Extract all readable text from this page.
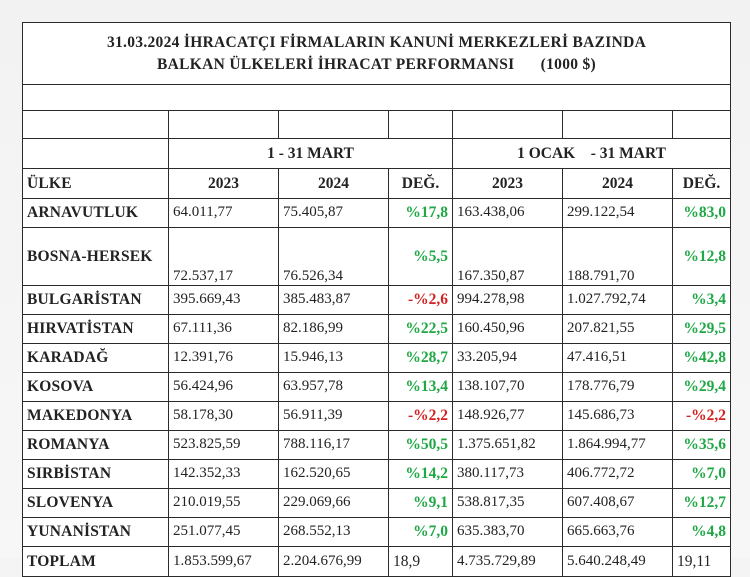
31.03.2024 İHRACATÇI FİRMALARIN KANUNİ MERKEZLERİ BAZINDA
BALKAN ÜLKELERİ İHRACAT PERFORMANSI (1000 $)						

	1 - 31 MART			1 OCAK    - 31 MART		
ÜLKE	2023	2024	DEĞ.	2023	2024	DEĞ.
ARNAVUTLUK	64.011,77	75.405,87	%17,8	163.438,06	299.122,54	%83,0
BOSNA-HERSEK	72.537,17	76.526,34	%5,5	167.350,87	188.791,70	%12,8
BULGARİSTAN	395.669,43	385.483,87	-%2,6	994.278,98	1.027.792,74	%3,4
HIRVATİSTAN	67.111,36	82.186,99	%22,5	160.450,96	207.821,55	%29,5
KARADAĞ	12.391,76	15.946,13	%28,7	33.205,94	47.416,51	%42,8
KOSOVA	56.424,96	63.957,78	%13,4	138.107,70	178.776,79	%29,4
MAKEDONYA	58.178,30	56.911,39	-%2,2	148.926,77	145.686,73	-%2,2
ROMANYA	523.825,59	788.116,17	%50,5	1.375.651,82	1.864.994,77	%35,6
SIRBİSTAN	142.352,33	162.520,65	%14,2	380.117,73	406.772,72	%7,0
SLOVENYA	210.019,55	229.069,66	%9,1	538.817,35	607.408,67	%12,7
YUNANİSTAN	251.077,45	268.552,13	%7,0	635.383,70	665.663,76	%4,8
TOPLAM	1.853.599,67	2.204.676,99	18,9	4.735.729,89	5.640.248,49	19,11
